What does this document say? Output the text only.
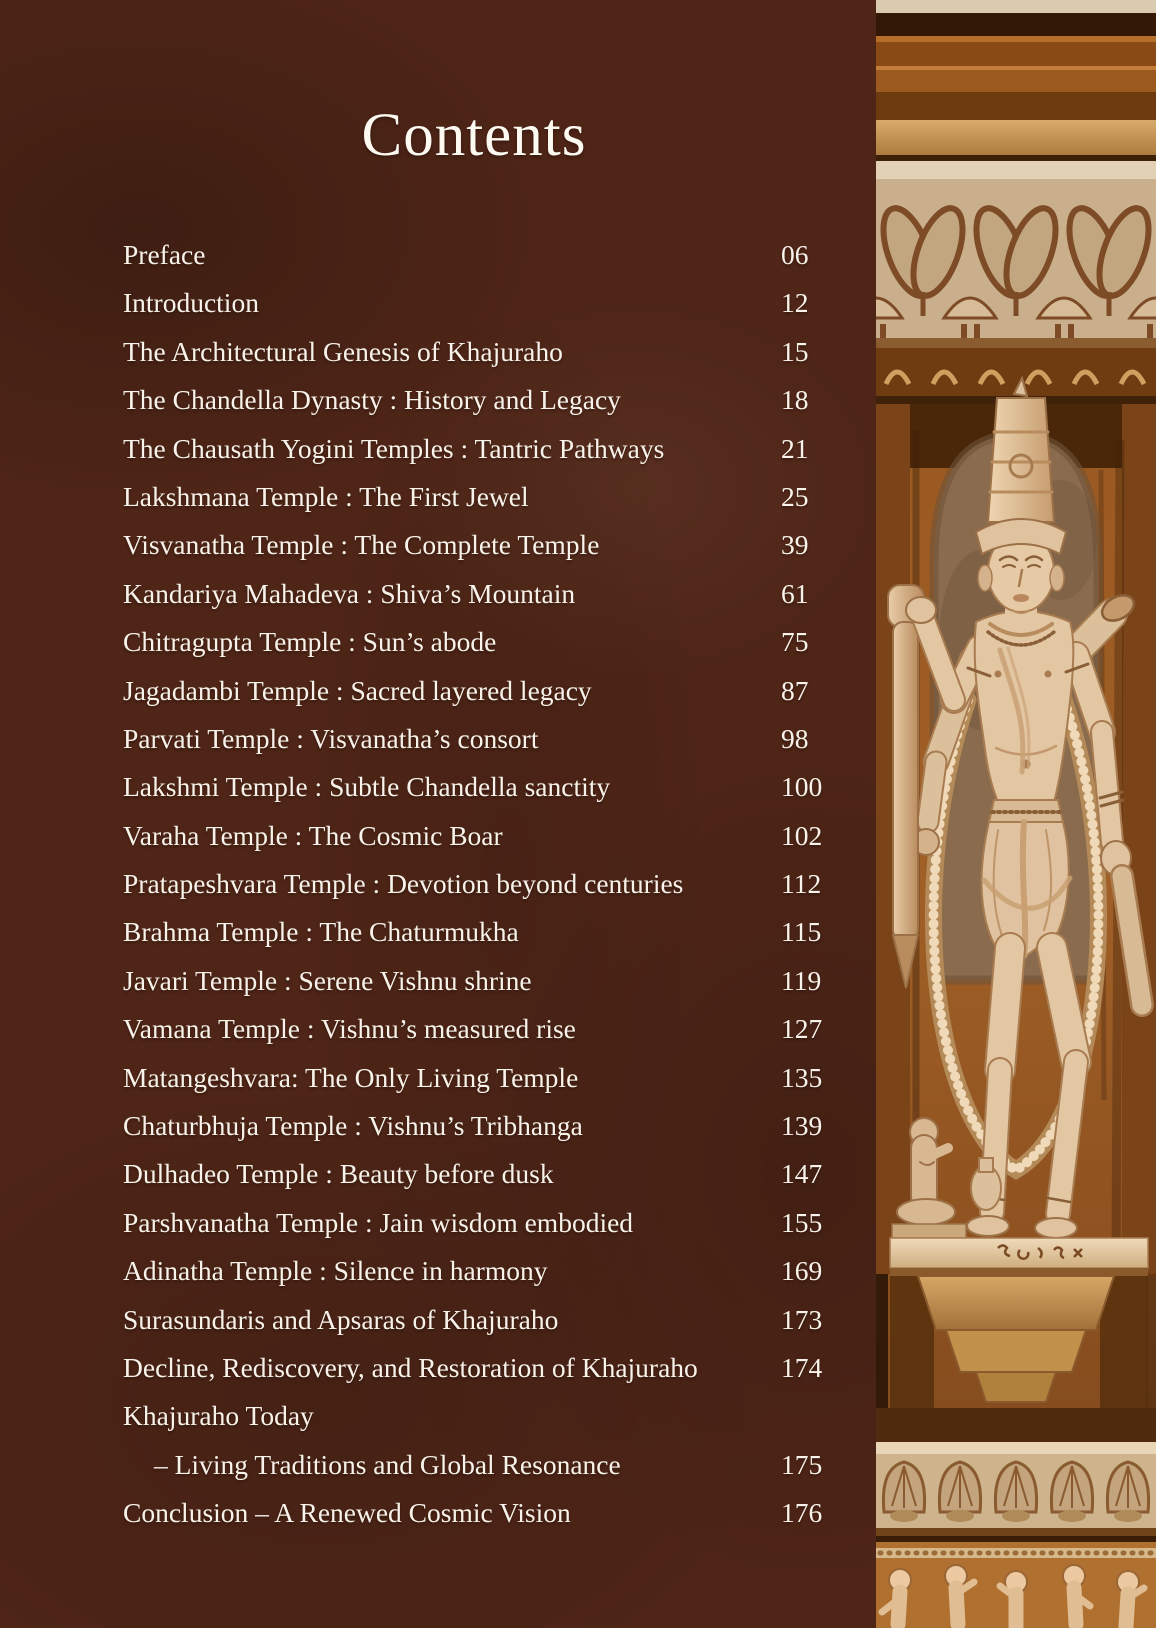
Contents
Preface	06
Introduction	12
The Architectural Genesis of Khajuraho	15
The Chandella Dynasty : History and Legacy	18
The Chausath Yogini Temples : Tantric Pathways	21
Lakshmana Temple : The First Jewel	25
Visvanatha Temple : The Complete Temple	39
Kandariya Mahadeva : Shiva’s Mountain	61
Chitragupta Temple : Sun’s abode	75
Jagadambi Temple : Sacred layered legacy	87
Parvati Temple : Visvanatha’s consort	98
Lakshmi Temple : Subtle Chandella sanctity	100
Varaha Temple : The Cosmic Boar	102
Pratapeshvara Temple : Devotion beyond centuries	112
Brahma Temple : The Chaturmukha	115
Javari Temple : Serene Vishnu shrine	119
Vamana Temple : Vishnu’s measured rise	127
Matangeshvara: The Only Living Temple	135
Chaturbhuja Temple : Vishnu’s Tribhanga	139
Dulhadeo Temple : Beauty before dusk	147
Parshvanatha Temple : Jain wisdom embodied	155
Adinatha Temple : Silence in harmony	169
Surasundaris and Apsaras of Khajuraho	173
Decline, Rediscovery, and Restoration of Khajuraho	174
Khajuraho Today
– Living Traditions and Global Resonance	175
Conclusion – A Renewed Cosmic Vision	176
